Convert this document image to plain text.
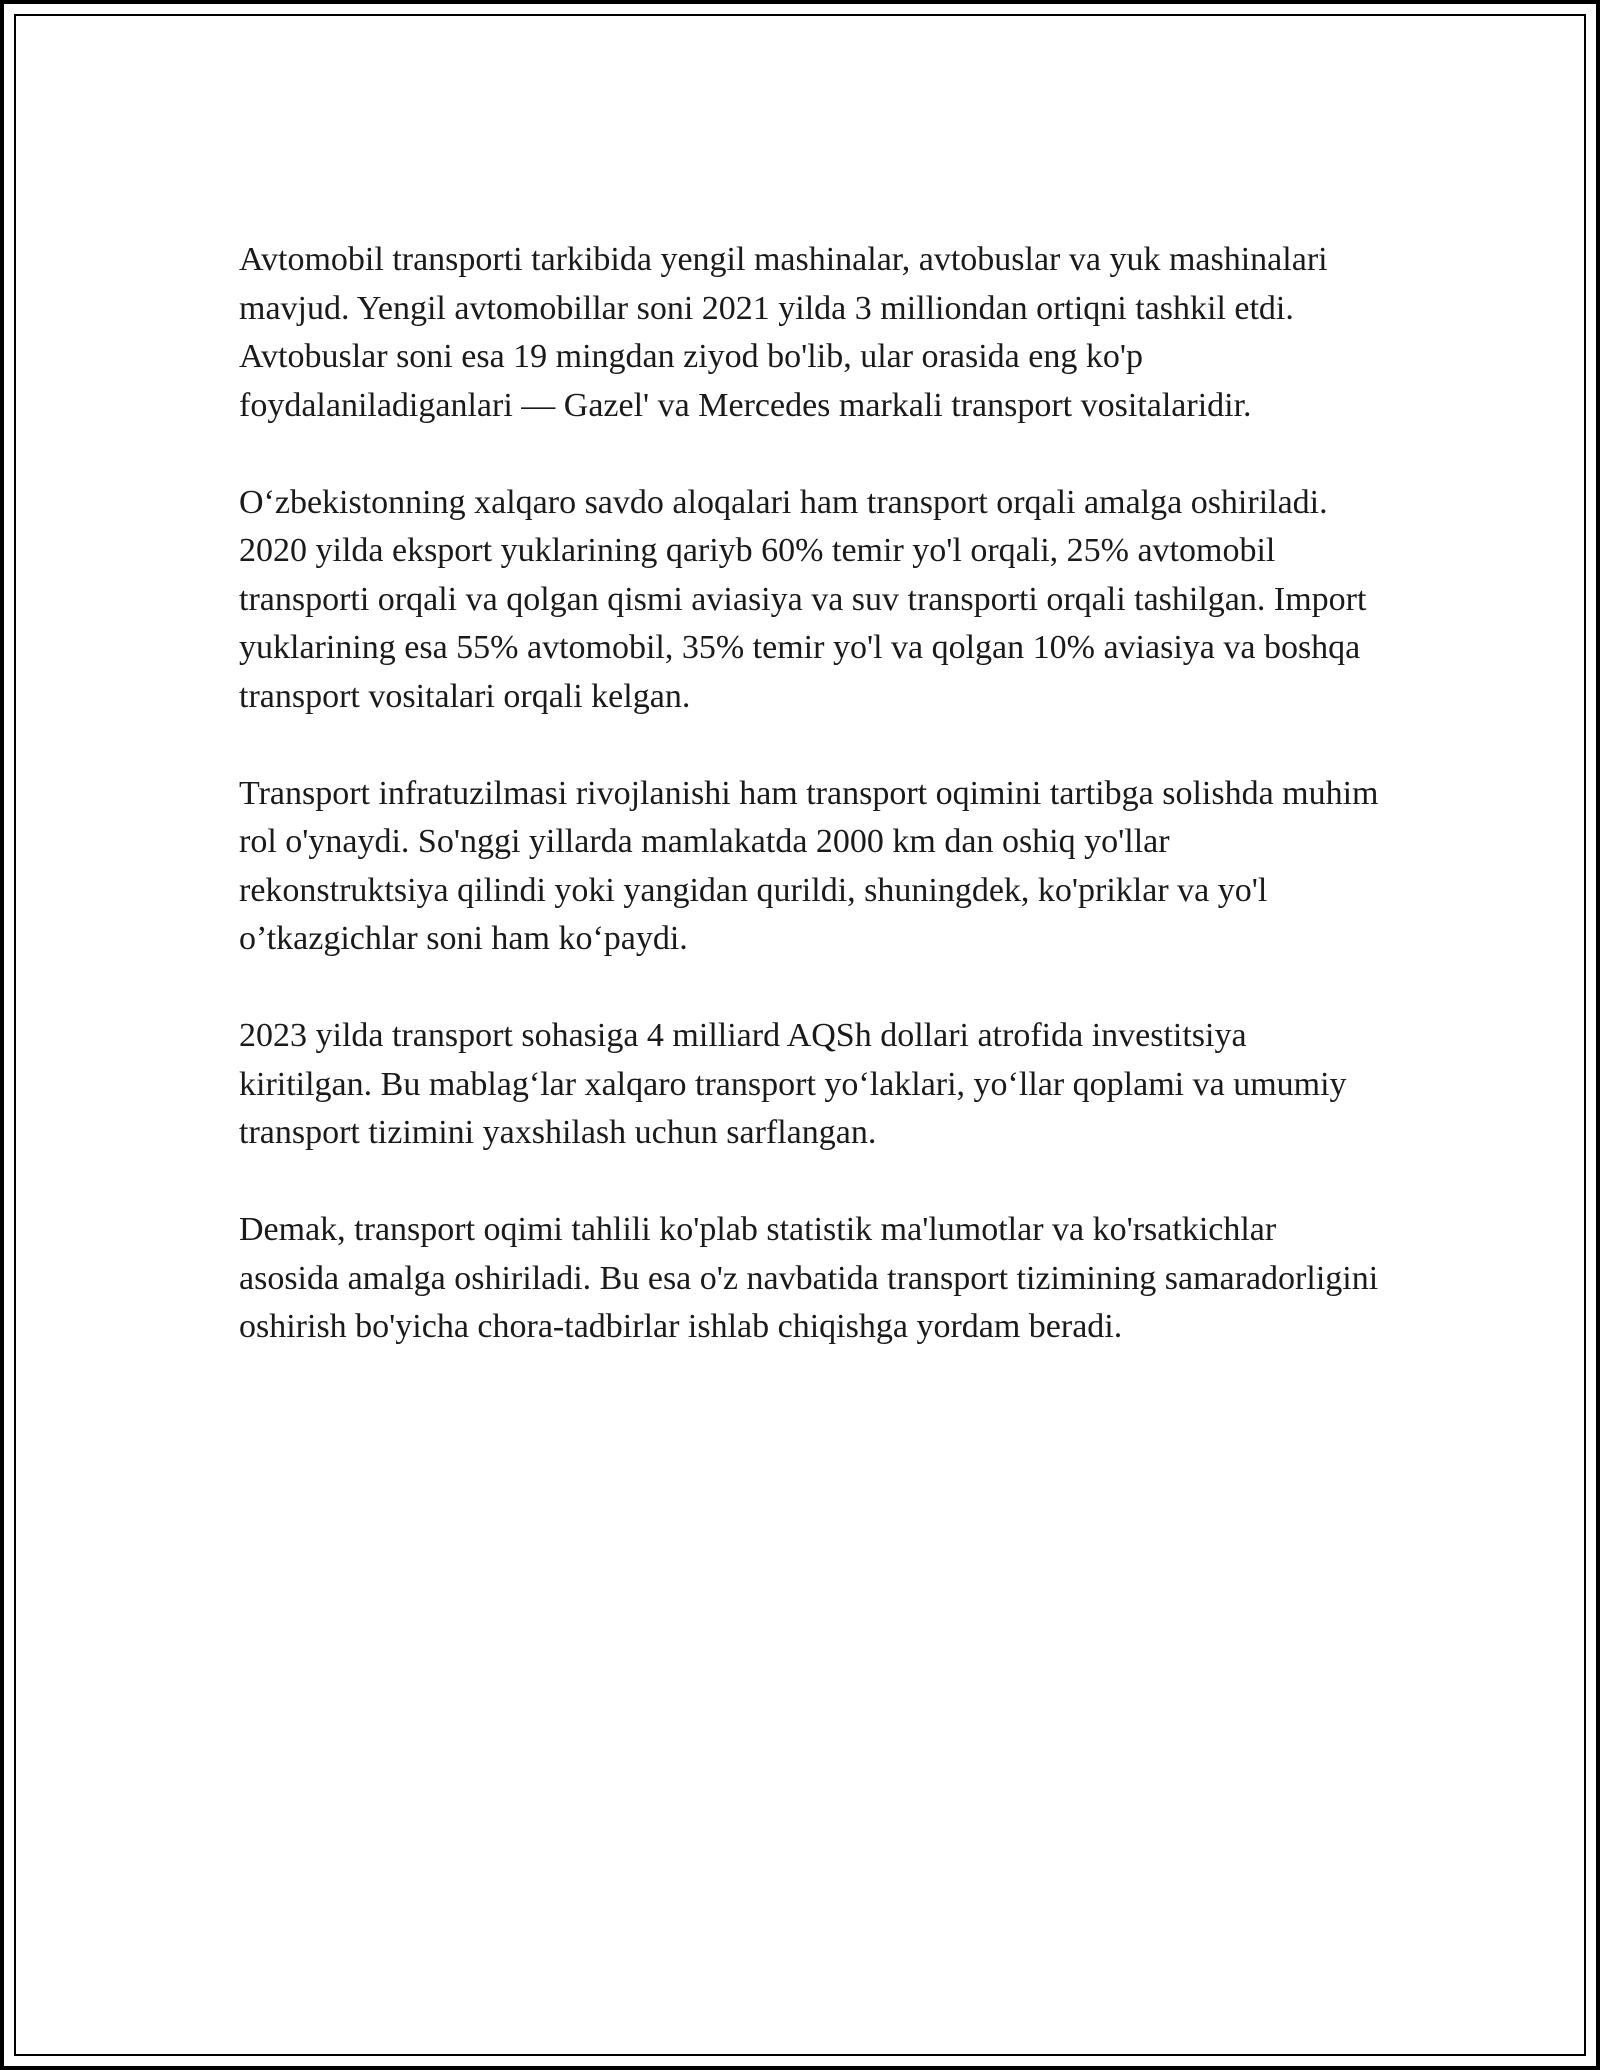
Avtomobil transporti tarkibida yengil mashinalar, avtobuslar va yuk mashinalari mavjud. Yengil avtomobillar soni 2021 yilda 3 milliondan ortiqni tashkil etdi. Avtobuslar soni esa 19 mingdan ziyod bo'lib, ular orasida eng ko'p foydalaniladiganlari — Gazel' va Mercedes markali transport vositalaridir.

O‘zbekistonning xalqaro savdo aloqalari ham transport orqali amalga oshiriladi. 2020 yilda eksport yuklarining qariyb 60% temir yo'l orqali, 25% avtomobil transporti orqali va qolgan qismi aviasiya va suv transporti orqali tashilgan. Import yuklarining esa 55% avtomobil, 35% temir yo'l va qolgan 10% aviasiya va boshqa transport vositalari orqali kelgan.

Transport infratuzilmasi rivojlanishi ham transport oqimini tartibga solishda muhim rol o'ynaydi. So'nggi yillarda mamlakatda 2000 km dan oshiq yo'llar rekonstruktsiya qilindi yoki yangidan qurildi, shuningdek, ko'priklar va yo'l o’tkazgichlar soni ham ko‘paydi.

2023 yilda transport sohasiga 4 milliard AQSh dollari atrofida investitsiya kiritilgan. Bu mablag‘lar xalqaro transport yo‘laklari, yo‘llar qoplami va umumiy transport tizimini yaxshilash uchun sarflangan.

Demak, transport oqimi tahlili ko'plab statistik ma'lumotlar va ko'rsatkichlar asosida amalga oshiriladi. Bu esa o'z navbatida transport tizimining samaradorligini oshirish bo'yicha chora-tadbirlar ishlab chiqishga yordam beradi.
